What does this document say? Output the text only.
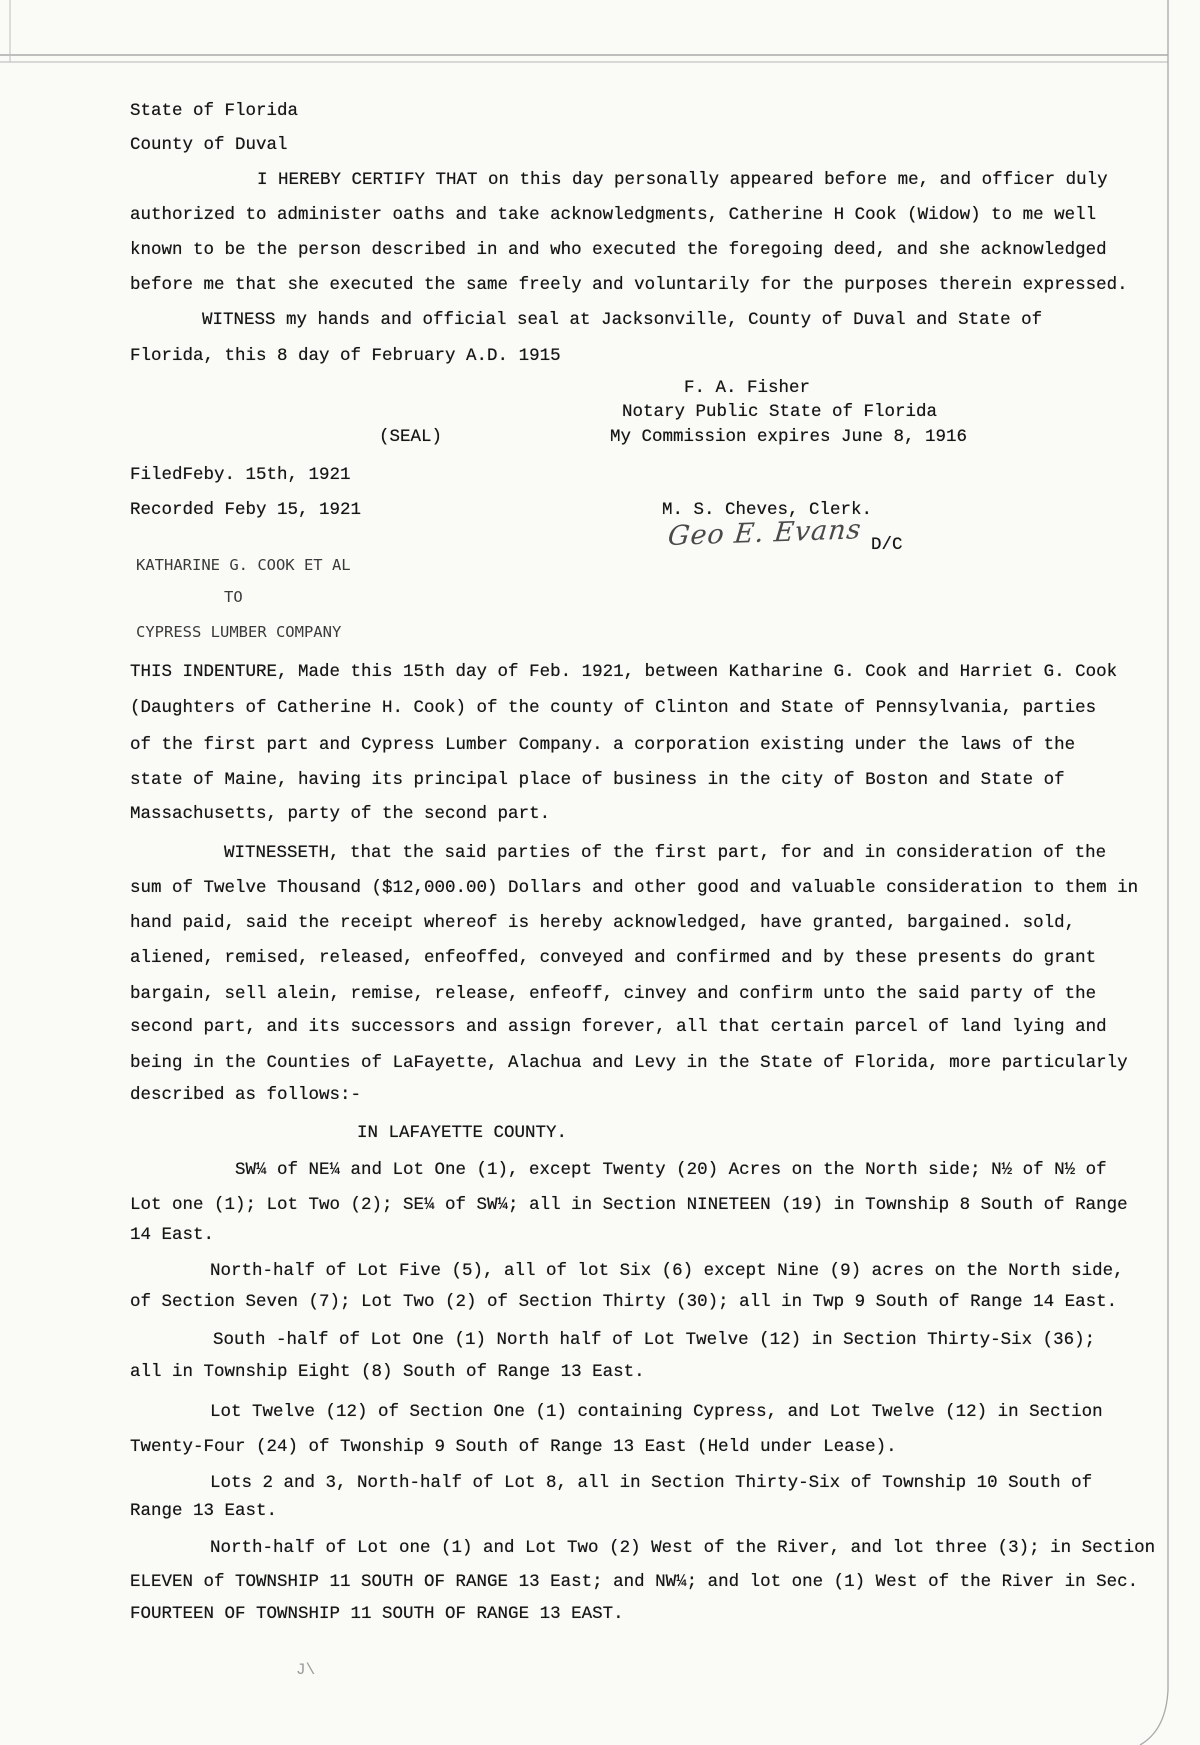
State of Florida
County of Duval
I HEREBY CERTIFY THAT on this day personally appeared before me, and officer duly
authorized to administer oaths and take acknowledgments, Catherine H Cook (Widow) to me well
known to be the person described in and who executed the foregoing deed, and she acknowledged
before me that she executed the same freely and voluntarily for the purposes therein expressed.
WITNESS my hands and official seal at Jacksonville, County of Duval and State of
Florida, this 8 day of February A.D. 1915
F. A. Fisher
Notary Public State of Florida
(SEAL)	My Commission expires June 8, 1916
FiledFeby. 15th, 1921
Recorded Feby 15, 1921	M. S. Cheves, Clerk.
Geo E. Evans D/C
KATHARINE G. COOK ET AL
TO
CYPRESS LUMBER COMPANY
THIS INDENTURE, Made this 15th day of Feb. 1921, between Katharine G. Cook and Harriet G. Cook
(Daughters of Catherine H. Cook) of the county of Clinton and State of Pennsylvania, parties
of the first part and Cypress Lumber Company. a corporation existing under the laws of the
state of Maine, having its principal place of business in the city of Boston and State of
Massachusetts, party of the second part.
WITNESSETH, that the said parties of the first part, for and in consideration of the
sum of Twelve Thousand ($12,000.00) Dollars and other good and valuable consideration to them in
hand paid, said the receipt whereof is hereby acknowledged, have granted, bargained. sold,
aliened, remised, released, enfeoffed, conveyed and confirmed and by these presents do grant
bargain, sell alein, remise, release, enfeoff, cinvey and confirm unto the said party of the
second part, and its successors and assign forever, all that certain parcel of land lying and
being in the Counties of LaFayette, Alachua and Levy in the State of Florida, more particularly
described as follows:-
IN LAFAYETTE COUNTY.
SW¼ of NE¼ and Lot One (1), except Twenty (20) Acres on the North side; N½ of N½ of
Lot one (1); Lot Two (2); SE¼ of SW¼; all in Section NINETEEN (19) in Township 8 South of Range
14 East.
North-half of Lot Five (5), all of lot Six (6) except Nine (9) acres on the North side,
of Section Seven (7); Lot Two (2) of Section Thirty (30); all in Twp 9 South of Range 14 East.
South -half of Lot One (1) North half of Lot Twelve (12) in Section Thirty-Six (36);
all in Township Eight (8) South of Range 13 East.
Lot Twelve (12) of Section One (1) containing Cypress, and Lot Twelve (12) in Section
Twenty-Four (24) of Twonship 9 South of Range 13 East (Held under Lease).
Lots 2 and 3, North-half of Lot 8, all in Section Thirty-Six of Township 10 South of
Range 13 East.
North-half of Lot one (1) and Lot Two (2) West of the River, and lot three (3); in Section
ELEVEN of TOWNSHIP 11 SOUTH OF RANGE 13 East; and NW¼; and lot one (1) West of the River in Sec.
FOURTEEN OF TOWNSHIP 11 SOUTH OF RANGE 13 EAST.
J\
